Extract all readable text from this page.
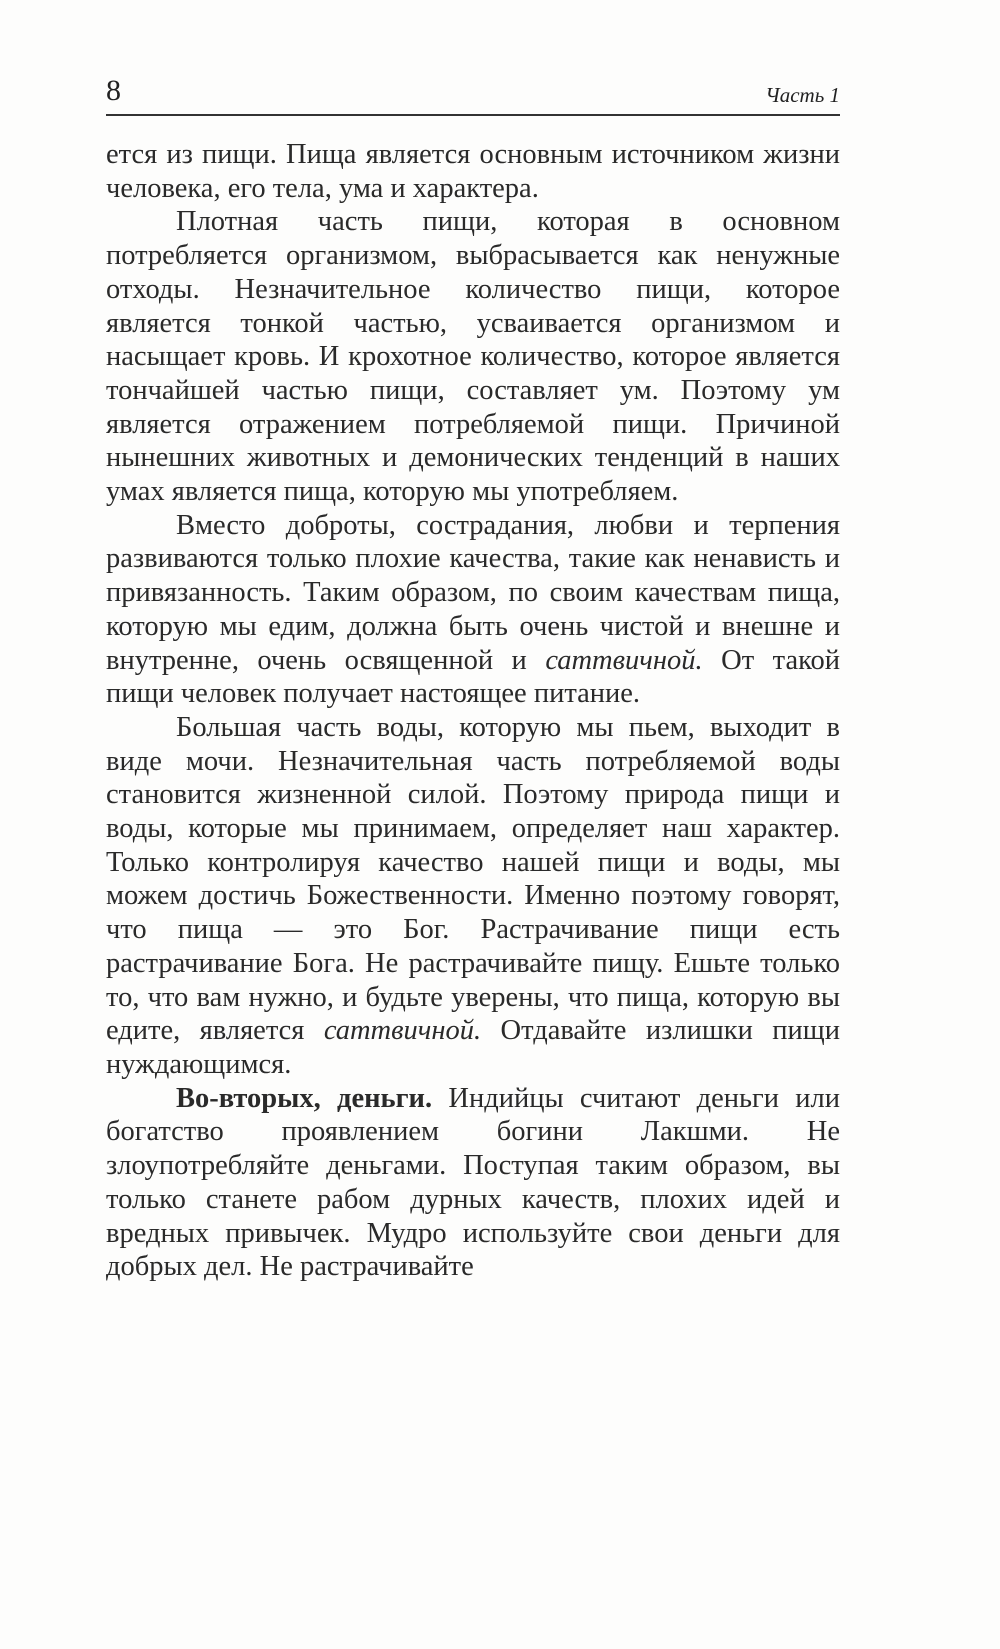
8	Часть 1

ется из пищи. Пища является основным источником жизни человека, его тела, ума и характера.

Плотная часть пищи, которая в основном потребляется организмом, выбрасывается как ненужные отходы. Незначительное количество пищи, которое является тонкой частью, усваивается организмом и насыщает кровь. И крохотное количество, которое является тончайшей частью пищи, составляет ум. Поэтому ум является отражением потребляемой пищи. Причиной нынешних животных и демонических тенденций в наших умах является пища, которую мы употребляем.

Вместо доброты, сострадания, любви и терпения развиваются только плохие качества, такие как ненависть и привязанность. Таким образом, по своим качествам пища, которую мы едим, должна быть очень чистой и внешне и внутренне, очень освященной и саттвичной. От такой пищи человек получает настоящее питание.

Большая часть воды, которую мы пьем, выходит в виде мочи. Незначительная часть потребляемой воды становится жизненной силой. Поэтому природа пищи и воды, которые мы принимаем, определяет наш характер. Только контролируя качество нашей пищи и воды, мы можем достичь Божественности. Именно поэтому говорят, что пища — это Бог. Растрачивание пищи есть растрачивание Бога. Не растрачивайте пищу. Ешьте только то, что вам нужно, и будьте уверены, что пища, которую вы едите, является саттвичной. Отдавайте излишки пищи нуждающимся.

Во-вторых, деньги. Индийцы считают деньги или богатство проявлением богини Лакшми. Не злоупотребляйте деньгами. Поступая таким образом, вы только станете рабом дурных качеств, плохих идей и вредных привычек. Мудро используйте свои деньги для добрых дел. Не растрачивайте
